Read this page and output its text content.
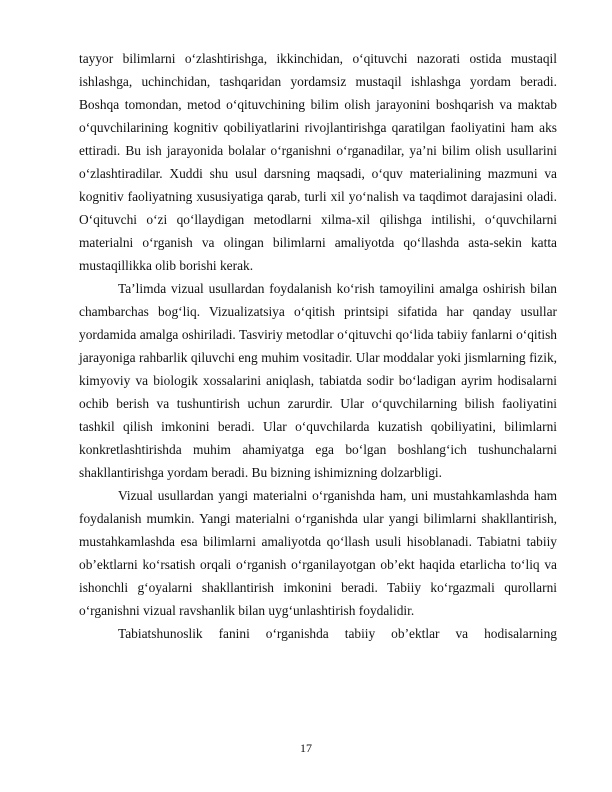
tayyor bilimlarni o‘zlashtirishga, ikkinchidan, o‘qituvchi nazorati ostida mustaqil ishlashga, uchinchidan, tashqaridan yordamsiz mustaqil ishlashga yordam beradi. Boshqa tomondan, metod o‘qituvchining bilim olish jarayonini boshqarish va maktab o‘quvchilarining kognitiv qobiliyatlarini rivojlantirishga qaratilgan faoliyatini ham aks ettiradi. Bu ish jarayonida bolalar o‘rganishni o‘rganadilar, ya’ni bilim olish usullarini o‘zlashtiradilar. Xuddi shu usul darsning maqsadi, o‘quv materialining mazmuni va kognitiv faoliyatning xususiyatiga qarab, turli xil yo‘nalish va taqdimot darajasini oladi. O‘qituvchi o‘zi qo‘llaydigan metodlarni xilma-xil qilishga intilishi, o‘quvchilarni materialni o‘rganish va olingan bilimlarni amaliyotda qo‘llashda asta-sekin katta mustaqillikka olib borishi kerak.

Ta’limda vizual usullardan foydalanish ko‘rish tamoyilini amalga oshirish bilan chambarchas bog‘liq. Vizualizatsiya o‘qitish printsipi sifatida har qanday usullar yordamida amalga oshiriladi. Tasviriy metodlar o‘qituvchi qo‘lida tabiiy fanlarni o‘qitish jarayoniga rahbarlik qiluvchi eng muhim vositadir. Ular moddalar yoki jismlarning fizik, kimyoviy va biologik xossalarini aniqlash, tabiatda sodir bo‘ladigan ayrim hodisalarni ochib berish va tushuntirish uchun zarurdir. Ular o‘quvchilarning bilish faoliyatini tashkil qilish imkonini beradi. Ular o‘quvchilarda kuzatish qobiliyatini, bilimlarni konkretlashtirishda muhim ahamiyatga ega bo‘lgan boshlang‘ich tushunchalarni shakllantirishga yordam beradi. Bu bizning ishimizning dolzarbligi.

Vizual usullardan yangi materialni o‘rganishda ham, uni mustahkamlashda ham foydalanish mumkin. Yangi materialni o‘rganishda ular yangi bilimlarni shakllantirish, mustahkamlashda esa bilimlarni amaliyotda qo‘llash usuli hisoblanadi. Tabiatni tabiiy ob’ektlarni ko‘rsatish orqali o‘rganish o‘rganilayotgan ob’ekt haqida etarlicha to‘liq va ishonchli g‘oyalarni shakllantirish imkonini beradi. Tabiiy ko‘rgazmali qurollarni o‘rganishni vizual ravshanlik bilan uyg‘unlashtirish foydalidir.

Tabiatshunoslik fanini o‘rganishda tabiiy ob’ektlar va hodisalarning

17
